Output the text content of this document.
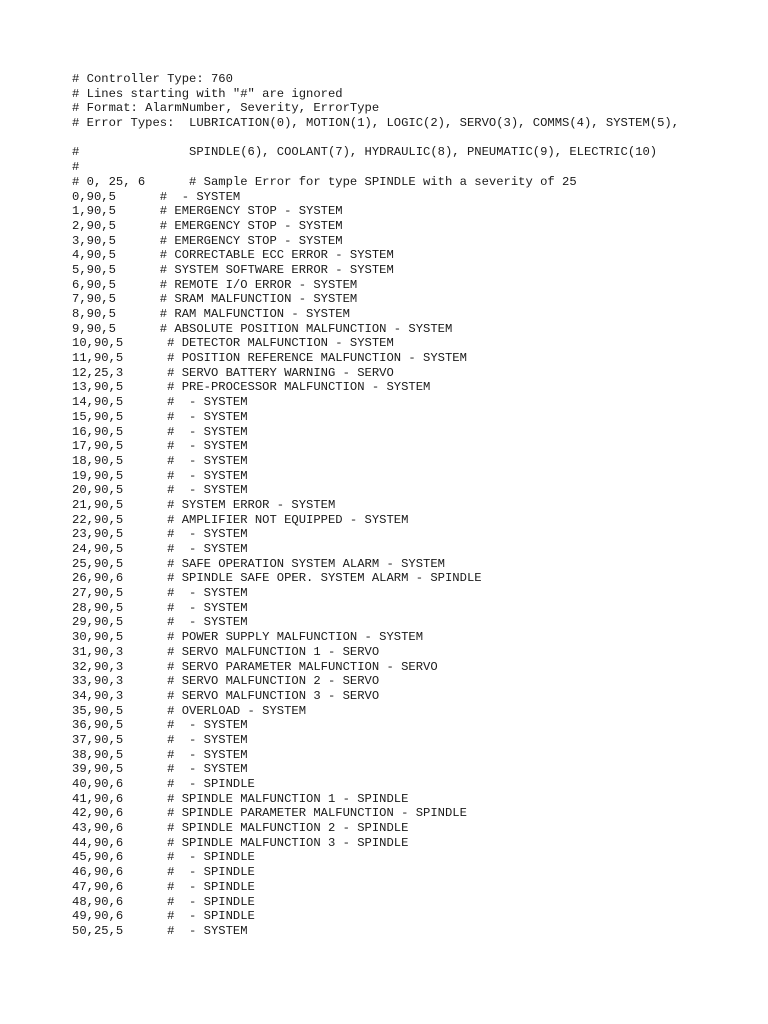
# Controller Type: 760
# Lines starting with "#" are ignored
# Format: AlarmNumber, Severity, ErrorType
# Error Types:  LUBRICATION(0), MOTION(1), LOGIC(2), SERVO(3), COMMS(4), SYSTEM(5),
#               SPINDLE(6), COOLANT(7), HYDRAULIC(8), PNEUMATIC(9), ELECTRIC(10)
#
# 0, 25, 6      # Sample Error for type SPINDLE with a severity of 25
0,90,5      #  - SYSTEM
1,90,5      # EMERGENCY STOP - SYSTEM
2,90,5      # EMERGENCY STOP - SYSTEM
3,90,5      # EMERGENCY STOP - SYSTEM
4,90,5      # CORRECTABLE ECC ERROR - SYSTEM
5,90,5      # SYSTEM SOFTWARE ERROR - SYSTEM
6,90,5      # REMOTE I/O ERROR - SYSTEM
7,90,5      # SRAM MALFUNCTION - SYSTEM
8,90,5      # RAM MALFUNCTION - SYSTEM
9,90,5      # ABSOLUTE POSITION MALFUNCTION - SYSTEM
10,90,5      # DETECTOR MALFUNCTION - SYSTEM
11,90,5      # POSITION REFERENCE MALFUNCTION - SYSTEM
12,25,3      # SERVO BATTERY WARNING - SERVO
13,90,5      # PRE-PROCESSOR MALFUNCTION - SYSTEM
14,90,5      #  - SYSTEM
15,90,5      #  - SYSTEM
16,90,5      #  - SYSTEM
17,90,5      #  - SYSTEM
18,90,5      #  - SYSTEM
19,90,5      #  - SYSTEM
20,90,5      #  - SYSTEM
21,90,5      # SYSTEM ERROR - SYSTEM
22,90,5      # AMPLIFIER NOT EQUIPPED - SYSTEM
23,90,5      #  - SYSTEM
24,90,5      #  - SYSTEM
25,90,5      # SAFE OPERATION SYSTEM ALARM - SYSTEM
26,90,6      # SPINDLE SAFE OPER. SYSTEM ALARM - SPINDLE
27,90,5      #  - SYSTEM
28,90,5      #  - SYSTEM
29,90,5      #  - SYSTEM
30,90,5      # POWER SUPPLY MALFUNCTION - SYSTEM
31,90,3      # SERVO MALFUNCTION 1 - SERVO
32,90,3      # SERVO PARAMETER MALFUNCTION - SERVO
33,90,3      # SERVO MALFUNCTION 2 - SERVO
34,90,3      # SERVO MALFUNCTION 3 - SERVO
35,90,5      # OVERLOAD - SYSTEM
36,90,5      #  - SYSTEM
37,90,5      #  - SYSTEM
38,90,5      #  - SYSTEM
39,90,5      #  - SYSTEM
40,90,6      #  - SPINDLE
41,90,6      # SPINDLE MALFUNCTION 1 - SPINDLE
42,90,6      # SPINDLE PARAMETER MALFUNCTION - SPINDLE
43,90,6      # SPINDLE MALFUNCTION 2 - SPINDLE
44,90,6      # SPINDLE MALFUNCTION 3 - SPINDLE
45,90,6      #  - SPINDLE
46,90,6      #  - SPINDLE
47,90,6      #  - SPINDLE
48,90,6      #  - SPINDLE
49,90,6      #  - SPINDLE
50,25,5      #  - SYSTEM
